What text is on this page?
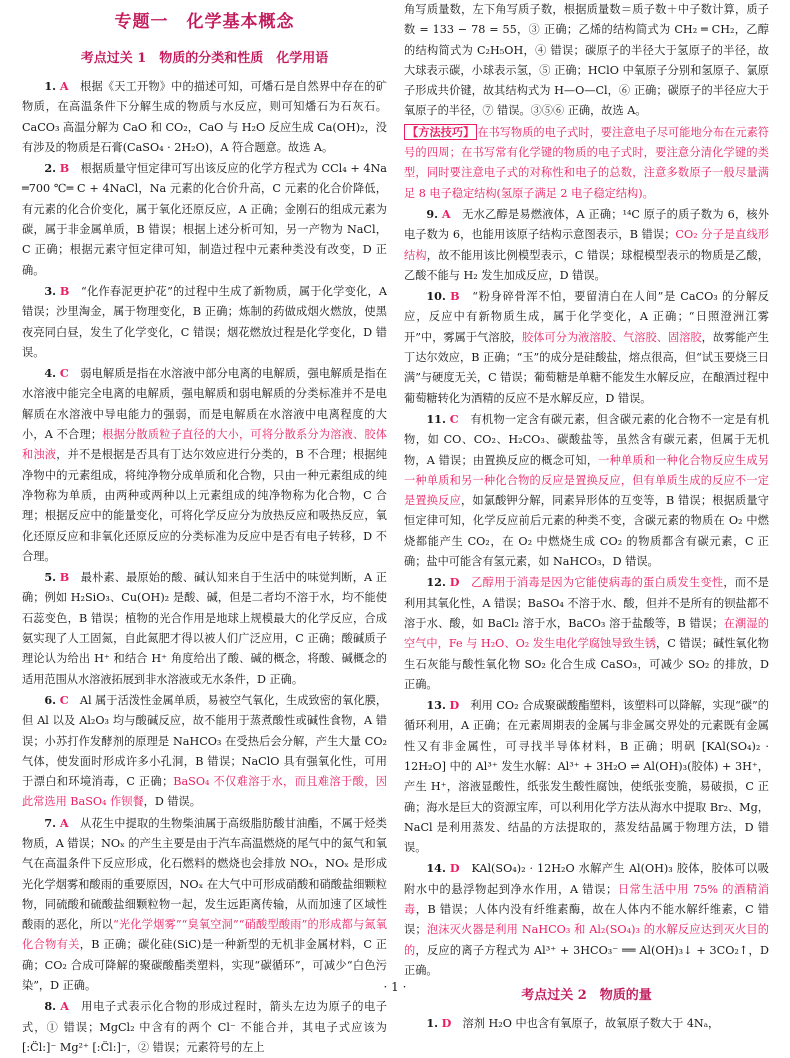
专题一　化学基本概念
考点过关 1　物质的分类和性质　化学用语

1. A　 根据《天工开物》中的描述可知，可燔石是自然界中存在的矿物质，在高温条件下分解生成的物质与水反应，则可知燔石为石灰石。CaCO₃ 高温分解为 CaO 和 CO₂，CaO 与 H₂O 反应生成 Ca(OH)₂，没有涉及的物质是石膏(CaSO₄ · 2H₂O)，A 符合题意。故选 A。

2. B　 根据质量守恒定律可写出该反应的化学方程式为 CCl₄ + 4Na ═700 ℃═ C + 4NaCl，Na 元素的化合价升高，C 元素的化合价降低，有元素的化合价变化，属于氧化还原反应，A 正确；金刚石的组成元素为碳，属于非金属单质，B 错误；根据上述分析可知，另一产物为 NaCl，C 正确；根据元素守恒定律可知，制造过程中元素种类没有改变，D 正确。

3. B　 “化作春泥更护花”的过程中生成了新物质，属于化学变化，A 错误；沙里淘金，属于物理变化，B 正确；炼制的药做成烟火燃放，使黑夜亮同白昼，发生了化学变化，C 错误；烟花燃放过程是化学变化，D 错误。

4. C　 弱电解质是指在水溶液中部分电离的电解质，强电解质是指在水溶液中能完全电离的电解质，强电解质和弱电解质的分类标准并不是电解质在水溶液中导电能力的强弱，而是电解质在水溶液中电离程度的大小，A 不合理；根据分散质粒子直径的大小，可将分散系分为溶液、胶体和浊液，并不是根据是否具有丁达尔效应进行分类的，B 不合理；根据纯净物中的元素组成，将纯净物分成单质和化合物，只由一种元素组成的纯净物称为单质，由两种或两种以上元素组成的纯净物称为化合物，C 合理；根据反应中的能量变化，可将化学反应分为放热反应和吸热反应，氧化还原反应和非氧化还原反应的分类标准为反应中是否有电子转移，D 不合理。

5. B　 最朴素、最原始的酸、碱认知来自于生活中的味觉判断，A 正确；例如 H₂SiO₃、Cu(OH)₂ 是酸、碱，但是二者均不溶于水，均不能使石蕊变色，B 错误；植物的光合作用是地球上规模最大的化学反应，合成氨实现了人工固氮，自此氮肥才得以被人们广泛应用，C 正确；酸碱质子理论认为给出 H⁺ 和结合 H⁺ 角度给出了酸、碱的概念，将酸、碱概念的适用范围从水溶液拓展到非水溶液或无水条件，D 正确。

6. C　 Al 属于活泼性金属单质，易被空气氧化，生成致密的氧化膜，但 Al 以及 Al₂O₃ 均与酸碱反应，故不能用于蒸煮酸性或碱性食物，A 错误；小苏打作发酵剂的原理是 NaHCO₃ 在受热后会分解，产生大量 CO₂ 气体，使发面时形成许多小孔洞，B 错误；NaClO 具有强氧化性，可用于漂白和环境消毒，C 正确；BaSO₄ 不仅难溶于水，而且难溶于酸，因此常选用 BaSO₄ 作钡餐，D 错误。

7. A　 从花生中提取的生物柴油属于高级脂肪酸甘油酯，不属于烃类物质，A 错误；NOₓ 的产生主要是由于汽车高温燃烧的尾气中的氮气和氧气在高温条件下反应形成，化石燃料的燃烧也会排放 NOₓ，NOₓ 是形成光化学烟雾和酸雨的重要原因，NOₓ 在大气中可形成硝酸和硝酸盐细颗粒物，同硫酸和硫酸盐细颗粒物一起，发生远距离传输，从而加速了区域性酸雨的恶化，所以“光化学烟雾”“臭氧空洞”“硝酸型酸雨”的形成都与氮氧化合物有关，B 正确；碳化硅(SiC)是一种新型的无机非金属材料，C 正确；CO₂ 合成可降解的聚碳酸酯类塑料，实现“碳循环”，可减少“白色污染”，D 正确。

8. A　 用电子式表示化合物的形成过程时，箭头左边为原子的电子式，① 错误；MgCl₂ 中含有的两个 Cl⁻ 不能合并，其电子式应该为 [:C̈l:]⁻ Mg²⁺ [:C̈l:]⁻，② 错误；元素符号的左上

角写质量数，左下角写质子数，根据质量数＝质子数＋中子数计算，质子数 = 133 − 78 = 55，③ 正确；乙烯的结构简式为 CH₂ ═ CH₂，乙醇的结构简式为 C₂H₅OH，④ 错误；碳原子的半径大于氢原子的半径，故大球表示碳，小球表示氢，⑤ 正确；HClO 中氧原子分别和氢原子、氯原子形成共价键，故其结构式为 H—O—Cl，⑥ 正确；碳原子的半径应大于氧原子的半径，⑦ 错误。③⑤⑥ 正确，故选 A。

【方法技巧】 在书写物质的电子式时，要注意电子尽可能地分布在元素符号的四周；在书写常有化学键的物质的电子式时，要注意分清化学键的类型，同时要注意电子式的对称性和电子的总数，注意多数原子一般尽量满足 8 电子稳定结构(氢原子满足 2 电子稳定结构)。

9. A　 无水乙醇是易燃液体，A 正确；¹⁴C 原子的质子数为 6，核外电子数为 6，也能用该原子结构示意图表示，B 错误；CO₂ 分子是直线形结构，故不能用该比例模型表示，C 错误；球棍模型表示的物质是乙酸，乙酸不能与 H₂ 发生加成反应，D 错误。

10. B　 “粉身碎骨浑不怕，要留清白在人间”是 CaCO₃ 的分解反应，反应中有新物质生成，属于化学变化，A 正确；“日照澄洲江雾开”中，雾属于气溶胶，胶体可分为液溶胶、气溶胶、固溶胶，故雾能产生丁达尔效应，B 正确；“玉”的成分是硅酸盐，熔点很高，但“试玉要烧三日满”与硬度无关，C 错误；葡萄糖是单糖不能发生水解反应，在酿酒过程中葡萄糖转化为酒精的反应不是水解反应，D 错误。

11. C　 有机物一定含有碳元素，但含碳元素的化合物不一定是有机物，如 CO、CO₂、H₂CO₃、碳酸盐等，虽然含有碳元素，但属于无机物，A 错误；由置换反应的概念可知，一种单质和一种化合物反应生成另一种单质和另一种化合物的反应是置换反应，但有单质生成的反应不一定是置换反应，如氯酸钾分解，同素异形体的互变等，B 错误；根据质量守恒定律可知，化学反应前后元素的种类不变，含碳元素的物质在 O₂ 中燃烧都能产生 CO₂，在 O₂ 中燃烧生成 CO₂ 的物质都含有碳元素，C 正确；盐中可能含有氢元素，如 NaHCO₃，D 错误。

12. D　 乙醇用于消毒是因为它能使病毒的蛋白质发生变性，而不是利用其氧化性，A 错误；BaSO₄ 不溶于水、酸，但并不是所有的钡盐都不溶于水、酸，如 BaCl₂ 溶于水，BaCO₃ 溶于盐酸等，B 错误；在潮湿的空气中，Fe 与 H₂O、O₂ 发生电化学腐蚀导致生锈，C 错误；碱性氧化物生石灰能与酸性氧化物 SO₂ 化合生成 CaSO₃，可减少 SO₂ 的排放，D 正确。

13. D　 利用 CO₂ 合成聚碳酸酯塑料，该塑料可以降解，实现“碳”的循环利用，A 正确；在元素周期表的金属与非金属交界处的元素既有金属性又有非金属性，可寻找半导体材料，B 正确；明矾 [KAl(SO₄)₂ · 12H₂O] 中的 Al³⁺ 发生水解：Al³⁺ + 3H₂O ⇌ Al(OH)₃(胶体) + 3H⁺，产生 H⁺，溶液显酸性，纸张发生酸性腐蚀，使纸张变脆，易破损，C 正确；海水是巨大的资源宝库，可以利用化学方法从海水中提取 Br₂、Mg，NaCl 是利用蒸发、结晶的方法提取的，蒸发结晶属于物理方法，D 错误。

14. D　 KAl(SO₄)₂ · 12H₂O 水解产生 Al(OH)₃ 胶体，胶体可以吸附水中的悬浮物起到净水作用，A 错误；日常生活中用 75% 的酒精消毒，B 错误；人体内没有纤维素酶，故在人体内不能水解纤维素，C 错误；泡沫灭火器是利用 NaHCO₃ 和 Al₂(SO₄)₃ 的水解反应达到灭火目的的，反应的离子方程式为 Al³⁺ + 3HCO₃⁻ ══ Al(OH)₃↓ + 3CO₂↑，D 正确。

考点过关 2　物质的量

1. D　 溶剂 H₂O 中也含有氧原子，故氧原子数大于 4Nₐ，

· 1 ·
